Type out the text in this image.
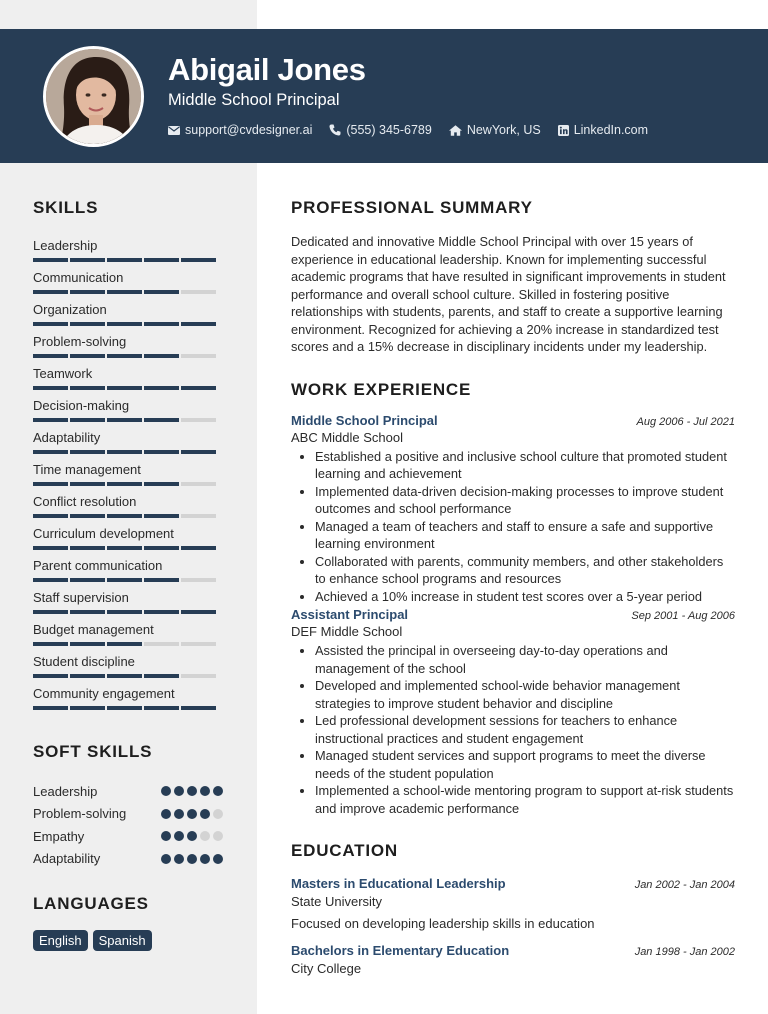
Abigail Jones
Middle School Principal
support@cvdesigner.ai	(555) 345-6789	NewYork, US	LinkedIn.com
SKILLS
Leadership
Communication
Organization
Problem-solving
Teamwork
Decision-making
Adaptability
Time management
Conflict resolution
Curriculum development
Parent communication
Staff supervision
Budget management
Student discipline
Community engagement
SOFT SKILLS
Leadership
Problem-solving
Empathy
Adaptability
LANGUAGES
English	Spanish
PROFESSIONAL SUMMARY
Dedicated and innovative Middle School Principal with over 15 years of experience in educational leadership. Known for implementing successful academic programs that have resulted in significant improvements in student performance and overall school culture. Skilled in fostering positive relationships with students, parents, and staff to create a supportive learning environment. Recognized for achieving a 20% increase in standardized test scores and a 15% decrease in disciplinary incidents under my leadership.
WORK EXPERIENCE
Middle School Principal	Aug 2006 - Jul 2021
ABC Middle School
• Established a positive and inclusive school culture that promoted student learning and achievement
• Implemented data-driven decision-making processes to improve student outcomes and school performance
• Managed a team of teachers and staff to ensure a safe and supportive learning environment
• Collaborated with parents, community members, and other stakeholders to enhance school programs and resources
• Achieved a 10% increase in student test scores over a 5-year period
Assistant Principal	Sep 2001 - Aug 2006
DEF Middle School
• Assisted the principal in overseeing day-to-day operations and management of the school
• Developed and implemented school-wide behavior management strategies to improve student behavior and discipline
• Led professional development sessions for teachers to enhance instructional practices and student engagement
• Managed student services and support programs to meet the diverse needs of the student population
• Implemented a school-wide mentoring program to support at-risk students and improve academic performance
EDUCATION
Masters in Educational Leadership	Jan 2002 - Jan 2004
State University
Focused on developing leadership skills in education
Bachelors in Elementary Education	Jan 1998 - Jan 2002
City College
